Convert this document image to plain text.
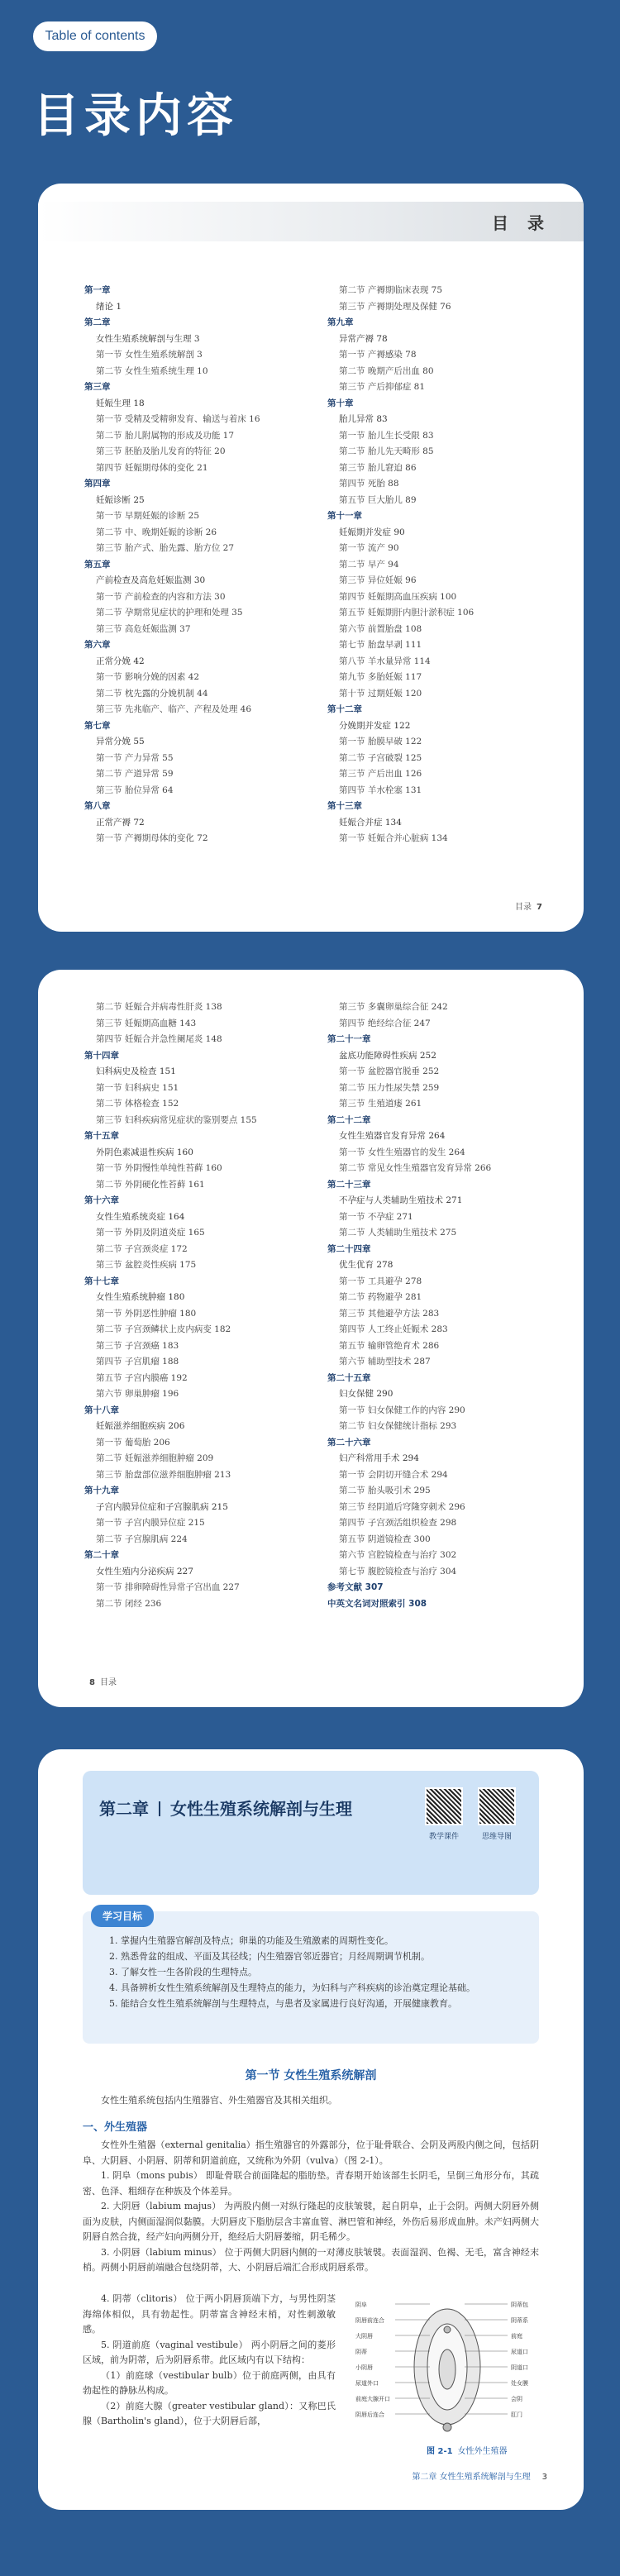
Table of contents
目录内容
目 录
第一章
绪论 1
第二章
女性生殖系统解剖与生理 3
第一节 女性生殖系统解剖 3
第二节 女性生殖系统生理 10
第三章
妊娠生理 18
第一节 受精及受精卵发育、输送与着床 16
第二节 胎儿附属物的形成及功能 17
第三节 胚胎及胎儿发育的特征 20
第四节 妊娠期母体的变化 21
第四章
妊娠诊断 25
第一节 早期妊娠的诊断 25
第二节 中、晚期妊娠的诊断 26
第三节 胎产式、胎先露、胎方位 27
第五章
产前检查及高危妊娠监测 30
第一节 产前检查的内容和方法 30
第二节 孕期常见症状的护理和处理 35
第三节 高危妊娠监测 37
第六章
正常分娩 42
第一节 影响分娩的因素 42
第二节 枕先露的分娩机制 44
第三节 先兆临产、临产、产程及处理 46
第七章
异常分娩 55
第一节 产力异常 55
第二节 产道异常 59
第三节 胎位异常 64
第八章
正常产褥 72
第一节 产褥期母体的变化 72
第二节 产褥期临床表现 75
第三节 产褥期处理及保健 76
第九章
异常产褥 78
第一节 产褥感染 78
第二节 晚期产后出血 80
第三节 产后抑郁症 81
第十章
胎儿异常 83
第一节 胎儿生长受限 83
第二节 胎儿先天畸形 85
第三节 胎儿窘迫 86
第四节 死胎 88
第五节 巨大胎儿 89
第十一章
妊娠期并发症 90
第一节 流产 90
第二节 早产 94
第三节 异位妊娠 96
第四节 妊娠期高血压疾病 100
第五节 妊娠期肝内胆汁淤积症 106
第六节 前置胎盘 108
第七节 胎盘早剥 111
第八节 羊水量异常 114
第九节 多胎妊娠 117
第十节 过期妊娠 120
第十二章
分娩期并发症 122
第一节 胎膜早破 122
第二节 子宫破裂 125
第三节 产后出血 126
第四节 羊水栓塞 131
第十三章
妊娠合并症 134
第一节 妊娠合并心脏病 134
目录 7
第二节 妊娠合并病毒性肝炎 138
第三节 妊娠期高血糖 143
第四节 妊娠合并急性阑尾炎 148
第十四章
妇科病史及检查 151
第一节 妇科病史 151
第二节 体格检查 152
第三节 妇科疾病常见症状的鉴别要点 155
第十五章
外阴色素减退性疾病 160
第一节 外阴慢性单纯性苔藓 160
第二节 外阴硬化性苔藓 161
第十六章
女性生殖系统炎症 164
第一节 外阴及阴道炎症 165
第二节 子宫颈炎症 172
第三节 盆腔炎性疾病 175
第十七章
女性生殖系统肿瘤 180
第一节 外阴恶性肿瘤 180
第二节 子宫颈鳞状上皮内病变 182
第三节 子宫颈癌 183
第四节 子宫肌瘤 188
第五节 子宫内膜癌 192
第六节 卵巢肿瘤 196
第十八章
妊娠滋养细胞疾病 206
第一节 葡萄胎 206
第二节 妊娠滋养细胞肿瘤 209
第三节 胎盘部位滋养细胞肿瘤 213
第十九章
子宫内膜异位症和子宫腺肌病 215
第一节 子宫内膜异位症 215
第二节 子宫腺肌病 224
第二十章
女性生殖内分泌疾病 227
第一节 排卵障碍性异常子宫出血 227
第二节 闭经 236
第三节 多囊卵巢综合征 242
第四节 绝经综合征 247
第二十一章
盆底功能障碍性疾病 252
第一节 盆腔器官脱垂 252
第二节 压力性尿失禁 259
第三节 生殖道瘘 261
第二十二章
女性生殖器官发育异常 264
第一节 女性生殖器官的发生 264
第二节 常见女性生殖器官发育异常 266
第二十三章
不孕症与人类辅助生殖技术 271
第一节 不孕症 271
第二节 人类辅助生殖技术 275
第二十四章
优生优育 278
第一节 工具避孕 278
第二节 药物避孕 281
第三节 其他避孕方法 283
第四节 人工终止妊娠术 283
第五节 输卵管绝育术 286
第六节 辅助型技术 287
第二十五章
妇女保健 290
第一节 妇女保健工作的内容 290
第二节 妇女保健统计指标 293
第二十六章
妇产科常用手术 294
第一节 会阴切开缝合术 294
第二节 胎头吸引术 295
第三节 经阴道后穹隆穿刺术 296
第四节 子宫颈活组织检查 298
第五节 阴道镜检查 300
第六节 宫腔镜检查与治疗 302
第七节 腹腔镜检查与治疗 304
参考文献 307
中英文名词对照索引 308
8 目录
第二章 女性生殖系统解剖与生理
教学课件	思维导图
学习目标
1. 掌握内生殖器官解剖及特点；卵巢的功能及生殖激素的周期性变化。
2. 熟悉骨盆的组成、平面及其径线；内生殖器官邻近器官；月经周期调节机制。
3. 了解女性一生各阶段的生理特点。
4. 具备辨析女性生殖系统解剖及生理特点的能力，为妇科与产科疾病的诊治奠定理论基础。
5. 能结合女性生殖系统解剖与生理特点，与患者及家属进行良好沟通，开展健康教育。
第一节 女性生殖系统解剖
女性生殖系统包括内生殖器官、外生殖器官及其相关组织。
一、外生殖器

女性外生殖器（external genitalia）指生殖器官的外露部分，位于耻骨联合、会阴及两股内侧之间，包括阴阜、大阴唇、小阴唇、阴蒂和阴道前庭，又统称为外阴（vulva）（图 2-1）。

1. 阴阜（mons pubis） 即耻骨联合前面隆起的脂肪垫。青春期开始该部生长阴毛，呈倒三角形分布，其疏密、色泽、粗细存在种族及个体差异。

2. 大阴唇（labium majus） 为两股内侧一对纵行隆起的皮肤皱襞，起自阴阜，止于会阴。两侧大阴唇外侧面为皮肤，内侧面湿润似黏膜。大阴唇皮下脂肪层含丰富血管、淋巴管和神经，外伤后易形成血肿。未产妇两侧大阴唇自然合拢，经产妇向两侧分开，绝经后大阴唇萎缩，阴毛稀少。

3. 小阴唇（labium minus） 位于两侧大阴唇内侧的一对薄皮肤皱襞。表面湿润、色褐、无毛，富含神经末梢。两侧小阴唇前端融合包绕阴蒂，大、小阴唇后端汇合形成阴唇系带。

4. 阴蒂（clitoris） 位于两小阴唇顶端下方，与男性阴茎海绵体相似，具有勃起性。阴蒂富含神经末梢，对性刺激敏感。

5. 阴道前庭（vaginal vestibule） 两小阴唇之间的菱形区域，前为阴蒂，后为阴唇系带。此区域内有以下结构：

（1）前庭球（vestibular bulb）位于前庭两侧，由具有勃起性的静脉丛构成。

（2）前庭大腺（greater vestibular gland）：又称巴氏腺（Bartholin's gland），位于大阴唇后部，

阴阜
阴唇前连合
大阴唇
阴蒂
小阴唇
尿道外口
前庭大腺开口
阴唇后连合
阴蒂包
阴蒂系
前庭
尿道口
阴道口
处女膜
会阴
肛门
图 2-1 女性外生殖器
第二章 女性生殖系统解剖与生理 3
